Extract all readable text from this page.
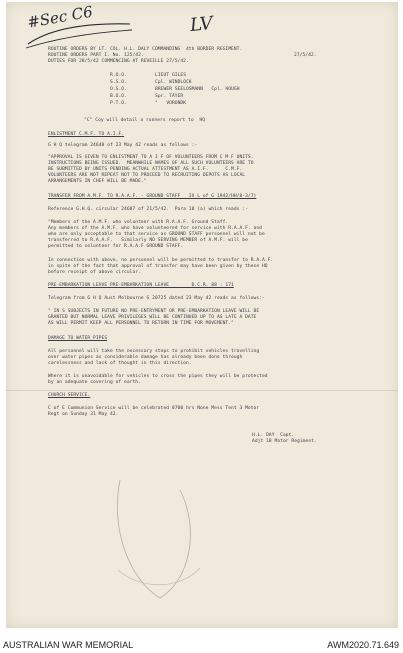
#Sec C6	LV

ROUTINE ORDERS BY LT. COL. H.L. DALY COMMANDING  4th BORDER REGIMENT.

27/5/42.

ROUTINE ORDERS PART I. No. 125/42.

DUTIES FOR 28/5/42 COMMENCING AT REVEILLE 27/5/42.

R.O.O.          LIEUT GILES

S.S.O.          Cpl. WINDLOCK

O.S.O.          BREWER SEELOSMANN   Cpl. HOUGH

B.O.O.          Spr. TAYER

P.T.O.          "   VORONDK

"C" Coy will detail a runners report to  HQ

ENLISTMENT C.M.F. TO A.I.F.

G H Q telegram 24648 of 23 May 42 reads as follows :-

"APPROVAL IS GIVEN TO ENLISTMENT TO A I F OF VOLUNTEERS FROM C M F UNITS.

INSTRUCTIONS BEING ISSUED.  MEANWHILE NAMES OF ALL SUCH VOLUNTEERS ARE TO

BE SUBMITTED BY UNITS PENDING ACTUAL ATTESTMENT AS A.I.F.      C.M.F.

VOLUNTEERS ARE NOT REPEAT NOT TO PROCEED TO RECRUITING DEPOTS AS LOCAL

ARRANGEMENTS IN CHEF WILL BE MADE."

TRANSFER FROM A.M.F. TO R.A.A.F. - GROUND STAFF   IX L of G 1942/HH/8-3/7)

Reference G.H.Q. circular 24687 of 21/5/42.  Para 10 (a) which reads :-

"Members of the A.M.F. who volunteer with R.A.A.F. Ground Staff.

Any members of the A.M.F. who have volunteered for service with R.A.A.F. and

who are only acceptable to that service as GROUND STAFF personnel will not be

transferred to R.A.A.F.   Similarly NO SERVING MEMBER of A.M.F. will be

permitted to volunteer for R.A.A.F GROUND STAFF.

In connection with above, no personnel will be permitted to transfer to R.A.A.F.

in spite of the fact that approval of transfer may have been given by these HQ

before receipt of above circular.

PRE-EMBARKATION LEAVE PRE-EMBARKATION LEAVE        D.C.R. 88 : 171

Telegram from G H Q Aust Melbourne G 20725 dated 23 May 42 reads as follows:-

" IN S SUBJECTS IN FUTURE NO PRE-ENTRYMENT OR PRE-EMBARKATION LEAVE WILL BE

GRANTED BUT NORMAL LEAVE PRIVILEGES WILL BE CONTINUED UP TO AS LATE A DATE

AS WILL PERMIT KEEP ALL PERSONNEL TO RETURN IN TIME FOR MOVEMENT."

DAMAGE TO WATER PIPES

All personnel will take the necessary steps to prohibit vehicles travelling

over water pipes as considerable damage has already been done through

carelessness and lack of thought in this direction.

Where it is unavoidable for vehicles to cross the pipes they will be protected

by an adequate covering of earth.

CHURCH SERVICE.

C of E Communion Service will be celebrated 0700 hrs None Mess Tent 3 Motor

Regt on Sunday 31 May 42.

H.L. DAY  Capt.

Adjt 18 Motor Regiment.

AUSTRALIAN WAR MEMORIAL	AWM2020.71.649
